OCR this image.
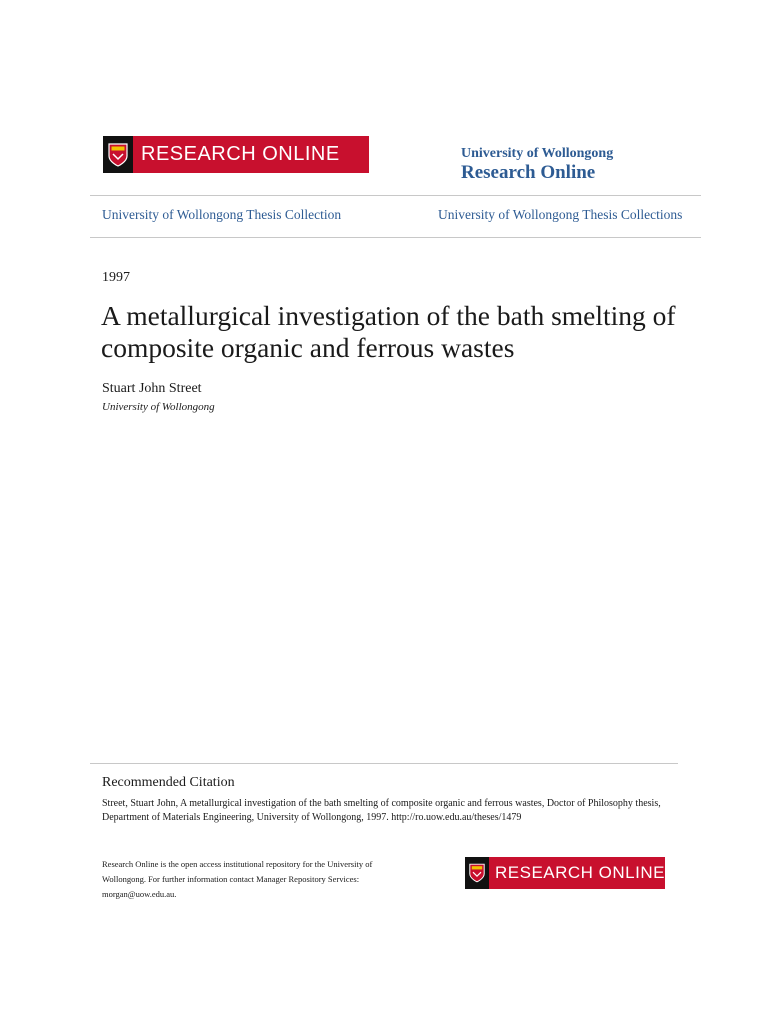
RESEARCH ONLINE	University of Wollongong
Research Online
University of Wollongong Thesis Collection	University of Wollongong Thesis Collections
1997
A metallurgical investigation of the bath smelting of composite organic and ferrous wastes
Stuart John Street
University of Wollongong
Recommended Citation
Street, Stuart John, A metallurgical investigation of the bath smelting of composite organic and ferrous wastes, Doctor of Philosophy thesis, Department of Materials Engineering, University of Wollongong, 1997. http://ro.uow.edu.au/theses/1479
Research Online is the open access institutional repository for the University of Wollongong. For further information contact Manager Repository Services: morgan@uow.edu.au.
RESEARCH ONLINE
